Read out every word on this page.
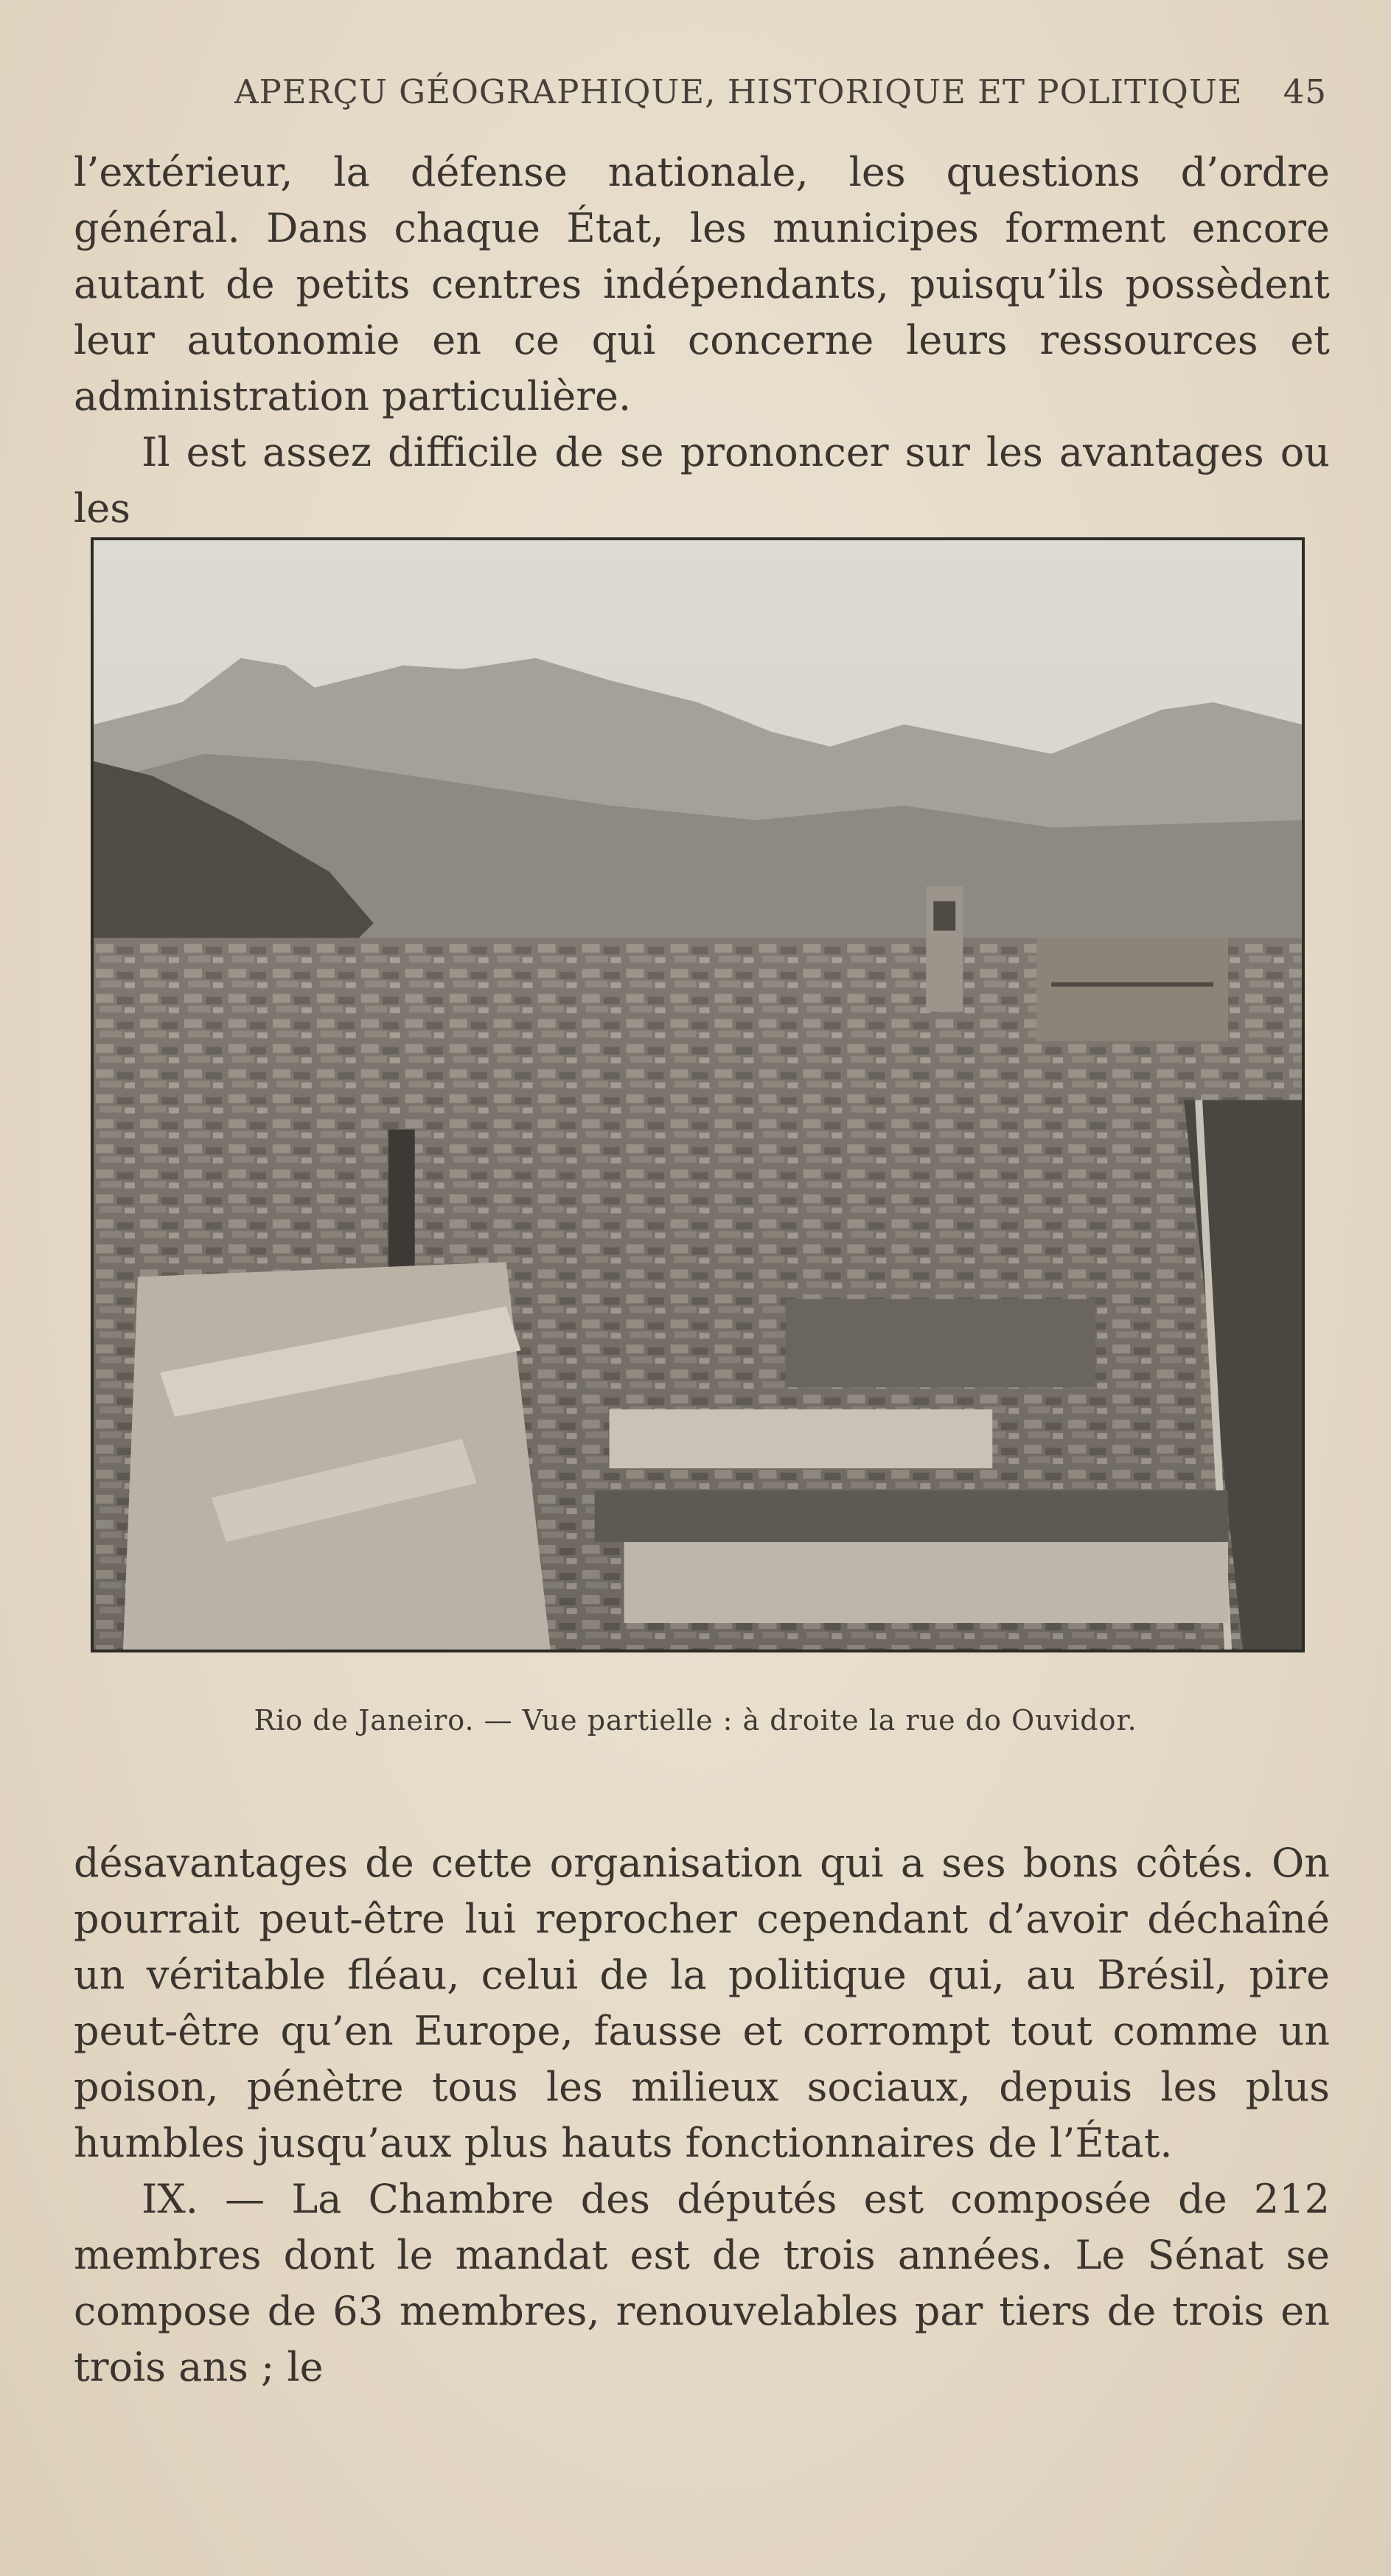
APERÇU GÉOGRAPHIQUE, HISTORIQUE ET POLITIQUE 45

l’extérieur, la défense nationale, les questions d’ordre général. Dans chaque État, les municipes forment encore autant de petits centres indépendants, puisqu’ils possèdent leur autonomie en ce qui concerne leurs ressources et administration particulière.

Il est assez difficile de se prononcer sur les avantages ou les

Rio de Janeiro. — Vue partielle : à droite la rue do Ouvidor.

désavantages de cette organisation qui a ses bons côtés. On pourrait peut-être lui reprocher cependant d’avoir déchaîné un véritable fléau, celui de la politique qui, au Brésil, pire peut-être qu’en Europe, fausse et corrompt tout comme un poison, pénètre tous les milieux sociaux, depuis les plus humbles jusqu’aux plus hauts fonctionnaires de l’État.

IX. — La Chambre des députés est composée de 212 membres dont le mandat est de trois années. Le Sénat se compose de 63 membres, renouvelables par tiers de trois en trois ans ; le
